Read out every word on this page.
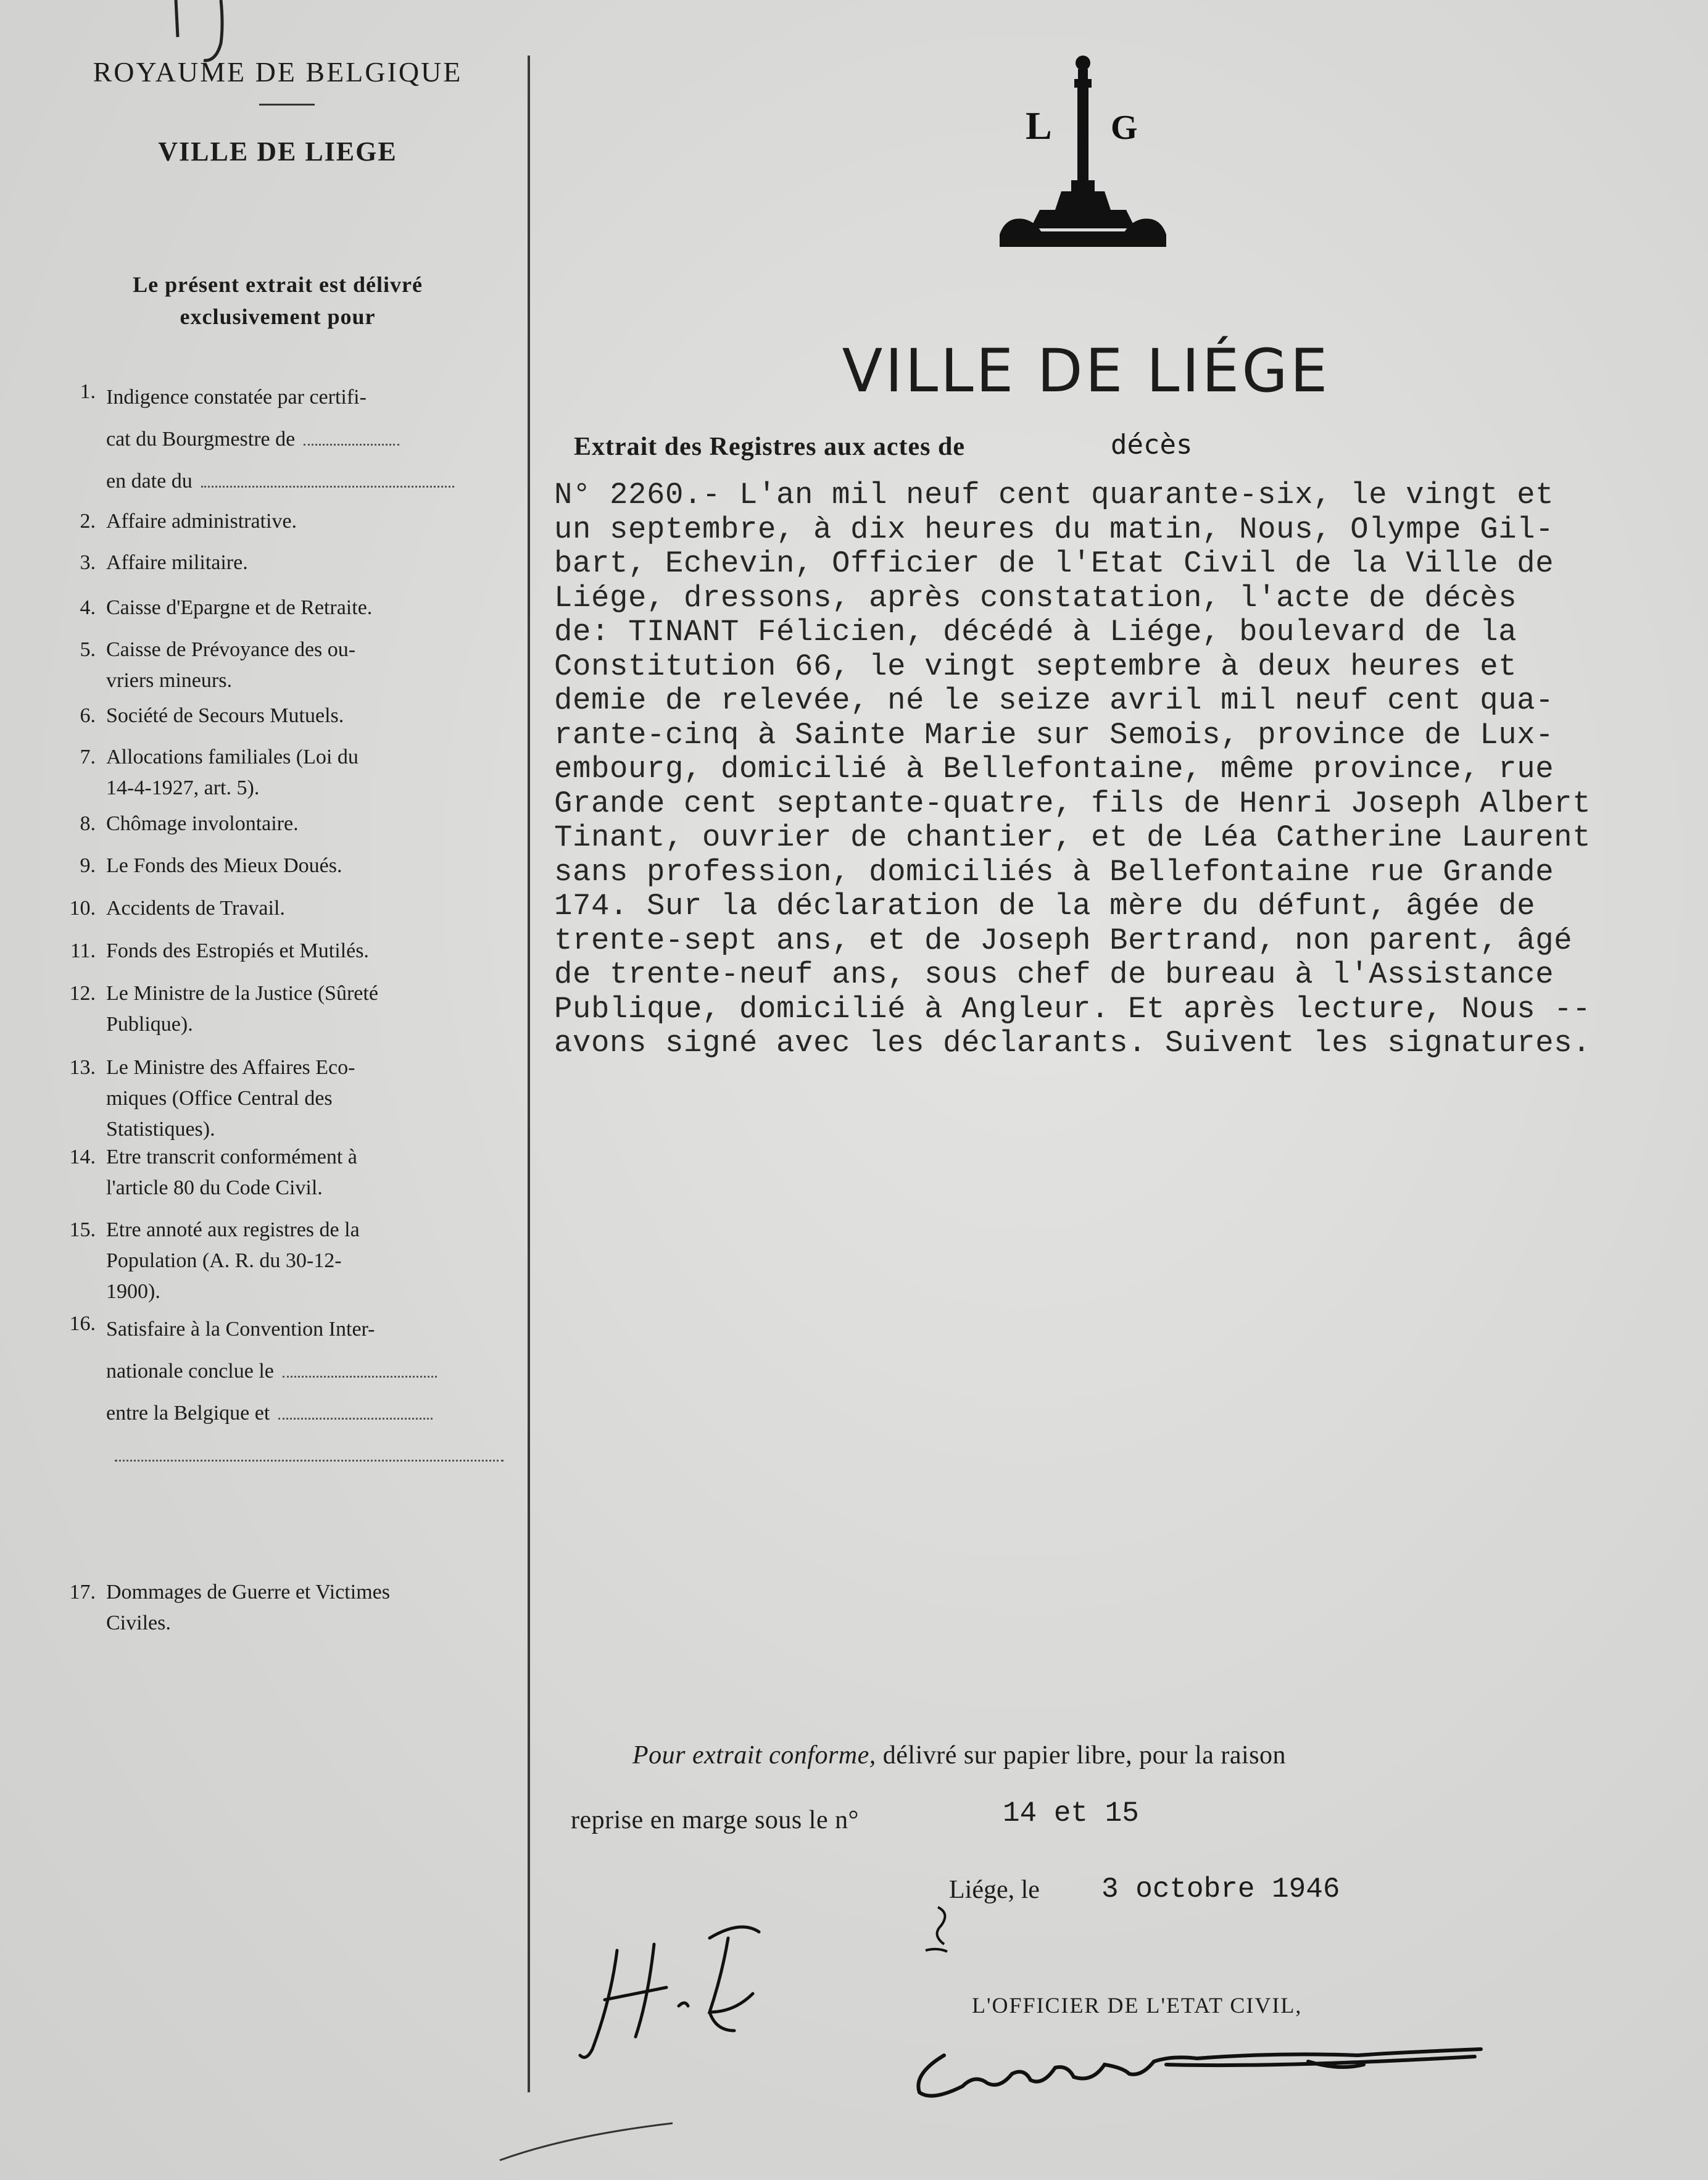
ROYAUME DE BELGIQUE
VILLE DE LIEGE
Le présent extrait est délivré
exclusivement pour
1. Indigence constatée par certifi-
cat du Bourgmestre de
en date du
2. Affaire administrative.
3. Affaire militaire.
4. Caisse d'Epargne et de Retraite.
5. Caisse de Prévoyance des ou-
vriers mineurs.
6. Société de Secours Mutuels.
7. Allocations familiales (Loi du
14-4-1927, art. 5).
8. Chômage involontaire.
9. Le Fonds des Mieux Doués.
10. Accidents de Travail.
11. Fonds des Estropiés et Mutilés.
12. Le Ministre de la Justice (Sûreté
Publique).
13. Le Ministre des Affaires Eco-
miques (Office Central des
Statistiques).
14. Etre transcrit conformément à
l'article 80 du Code Civil.
15. Etre annoté aux registres de la
Population (A. R. du 30-12-
1900).
16. Satisfaire à la Convention Inter-
nationale conclue le
entre la Belgique et
17. Dommages de Guerre et Victimes
Civiles.
L G
VILLE DE LIÉGE
Extrait des Registres aux actes de	décès
N° 2260.- L'an mil neuf cent quarante-six, le vingt et
un septembre, à dix heures du matin, Nous, Olympe Gil-
bart, Echevin, Officier de l'Etat Civil de la Ville de
Liége, dressons, après constatation, l'acte de décès
de: TINANT Félicien, décédé à Liége, boulevard de la
Constitution 66, le vingt septembre à deux heures et
demie de relevée, né le seize avril mil neuf cent qua-
rante-cinq à Sainte Marie sur Semois, province de Lux-
embourg, domicilié à Bellefontaine, même province, rue
Grande cent septante-quatre, fils de Henri Joseph Albert
Tinant, ouvrier de chantier, et de Léa Catherine Laurent
sans profession, domiciliés à Bellefontaine rue Grande
174. Sur la déclaration de la mère du défunt, âgée de
trente-sept ans, et de Joseph Bertrand, non parent, âgé
de trente-neuf ans, sous chef de bureau à l'Assistance
Publique, domicilié à Angleur. Et après lecture, Nous --
avons signé avec les déclarants. Suivent les signatures.
Pour extrait conforme, délivré sur papier libre, pour la raison
reprise en marge sous le n°	14 et 15
Liége, le 3 octobre 1946
L'OFFICIER DE L'ETAT CIVIL,
